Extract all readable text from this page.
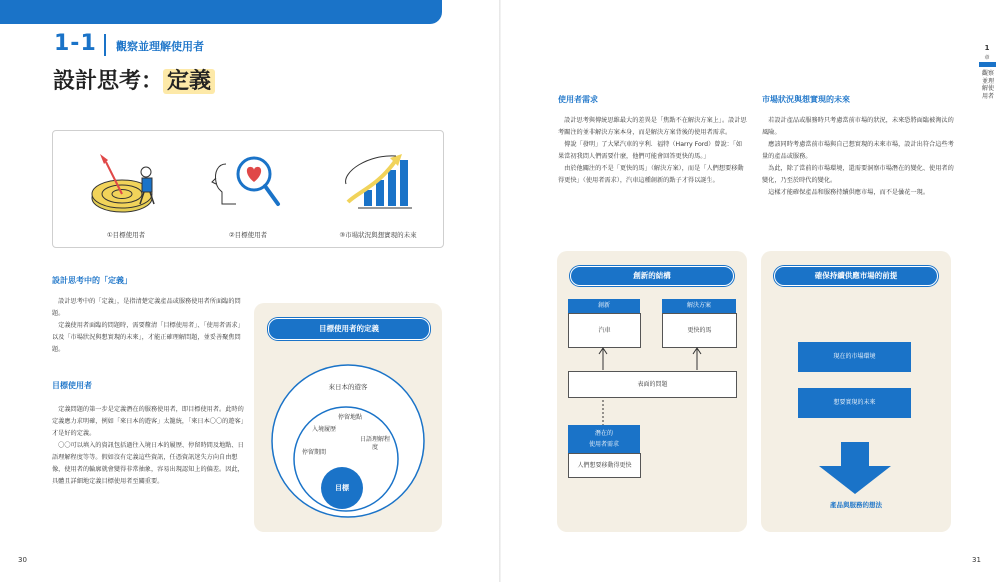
1-1 觀察並理解使用者
設計思考： 定義
①目標使用者	②目標使用者	③市場狀況與想實現的未來
設計思考中的「定義」

　設計思考中的「定義」，是指清楚定義產品或服務使用者所面臨的問題。

　定義使用者面臨的問題時，需要釐清「目標使用者」、「使用者需求」以及「市場狀況與想實現的未來」，才能正確理解問題，並妥善聚焦問題。

目標使用者

　定義問題的第一步是定義潛在的服務使用者，即目標使用者。此時的定義應力求明確，例如「來日本的遊客」太籠統，「來日本〇〇的遊客」才是好的定義。

　〇〇可以填入的資訊包括過往入境日本的履歷、停留時間及地點、日語理解程度等等。假如沒有定義這些資訊，任憑資訊迷失方向自由想像，使用者的輪廓就會變得非常抽象，容易出現認知上的偏差。因此，具體且詳細地定義目標使用者至關重要。

目標使用者的定義
來日本的遊客
停留地點
入境履歷
日語理解程度
停留期間
目標
30
使用者需求

　設計思考與傳統思維最大的差異是「焦點不在解決方案上」。設計思考關注的並非解決方案本身，而是解決方案背後的使用者需求。

　傳說「發明」了大眾汽車的亨利．福特（Harry Ford）曾說：「如果當初我問人們需要什麼，他們可能會回答更快的馬。」

　由於他關注的不是「更快的馬」（解決方案），而是「人們想要移動得更快」（使用者需求），汽車這種創新的點子才得以誕生。

市場狀況與想實現的未來

　若設計產品或服務時只考慮當前市場的狀況，未來恐將面臨被淘汰的風險。

　應該同時考慮當前市場與自己想實現的未來市場，設計出符合這些考量的產品或服務。

　為此，除了當前的市場環境，還需要洞察市場潛在的變化、使用者的變化，乃至於時代的變化。

　這樣才能確保產品和服務持續供應市場，而不是曇花一現。

創新的結構
創新
汽車
解決方案
更快的馬
表面的問題
潛在的
使用者需求
人們想要移動得更快
確保持續供應市場的前提
現在的市場環境
想要實現的未來
產品與服務的想法
1
章
觀察並理解使用者
31
